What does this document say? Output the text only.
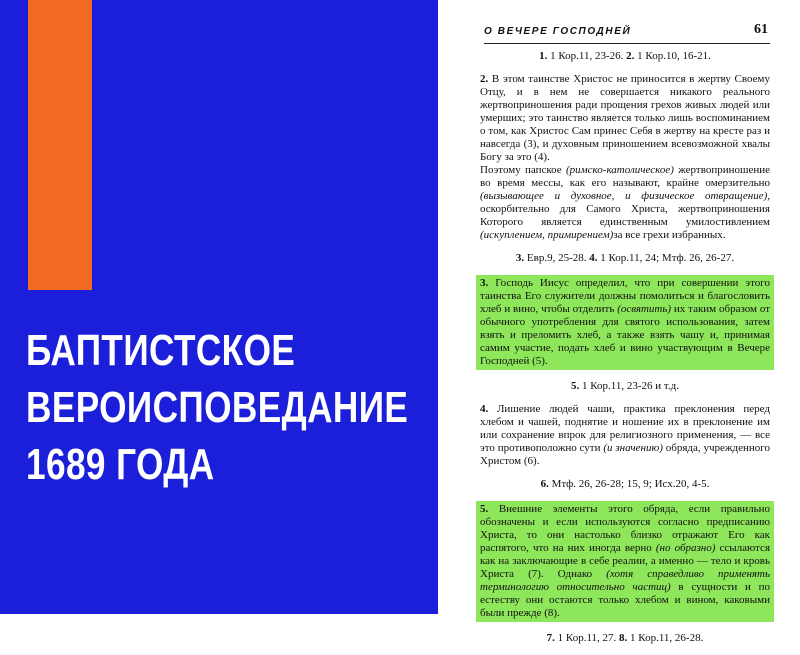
БАПТИСТСКОЕ
ВЕРОИСПОВЕДАНИЕ
1689 ГОДА
О ВЕЧЕРЕ ГОСПОДНЕЙ	61
1. 1 Кор.11, 23-26. 2. 1 Кор.10, 16-21.

2. В этом таинстве Христос не приносится в жертву Своему Отцу, и в нем не совершается никакого реального жертвоприношения ради прощения грехов живых людей или умерших; это таинство является только лишь воспоминанием о том, как Христос Сам принес Себя в жертву на кресте раз и навсегда (3), и духовным приношением всевозможной хвалы Богу за это (4).

Поэтому папское (римско-католическое) жертвоприношение во время мессы, как его называют, крайне омерзительно (вызывающее и духовное, и физическое отвращение), оскорбительно для Самого Христа, жертвоприношения Которого является единственным умилостивлением (искуплением, примирением)за все грехи избранных.

3. Евр.9, 25-28. 4. 1 Кор.11, 24; Мтф. 26, 26-27.
3. Господь Иисус определил, что при совершении этого таинства Его служители должны помолиться и благословить хлеб и вино, чтобы отделить (освятить) их таким образом от обычного употребления для святого использования, затем взять и преломить хлеб, а также взять чашу и, принимая самим участие, подать хлеб и вино участвующим в Вечере Господней (5).
5. 1 Кор.11, 23-26 и т.д.
4. Лишение людей чаши, практика преклонения перед хлебом и чашей, поднятие и ношение их в преклонение им или сохранение впрок для религиозного применения, — все это противоположно сути (и значению) обряда, учрежденного Христом (6).
6. Мтф. 26, 26-28; 15, 9; Исх.20, 4-5.
5. Внешние элементы этого обряда, если правильно обозначены и если используются согласно предписанию Христа, то они настолько близко отражают Его как распятого, что на них иногда верно (но образно) ссылаются как на заключающие в себе реалии, а именно — тело и кровь Христа (7). Однако (хотя справедливо применять терминологию относительно частиц) в сущности и по естеству они остаются только хлебом и вином, каковыми были прежде (8).
7. 1 Кор.11, 27. 8. 1 Кор.11, 26-28.
